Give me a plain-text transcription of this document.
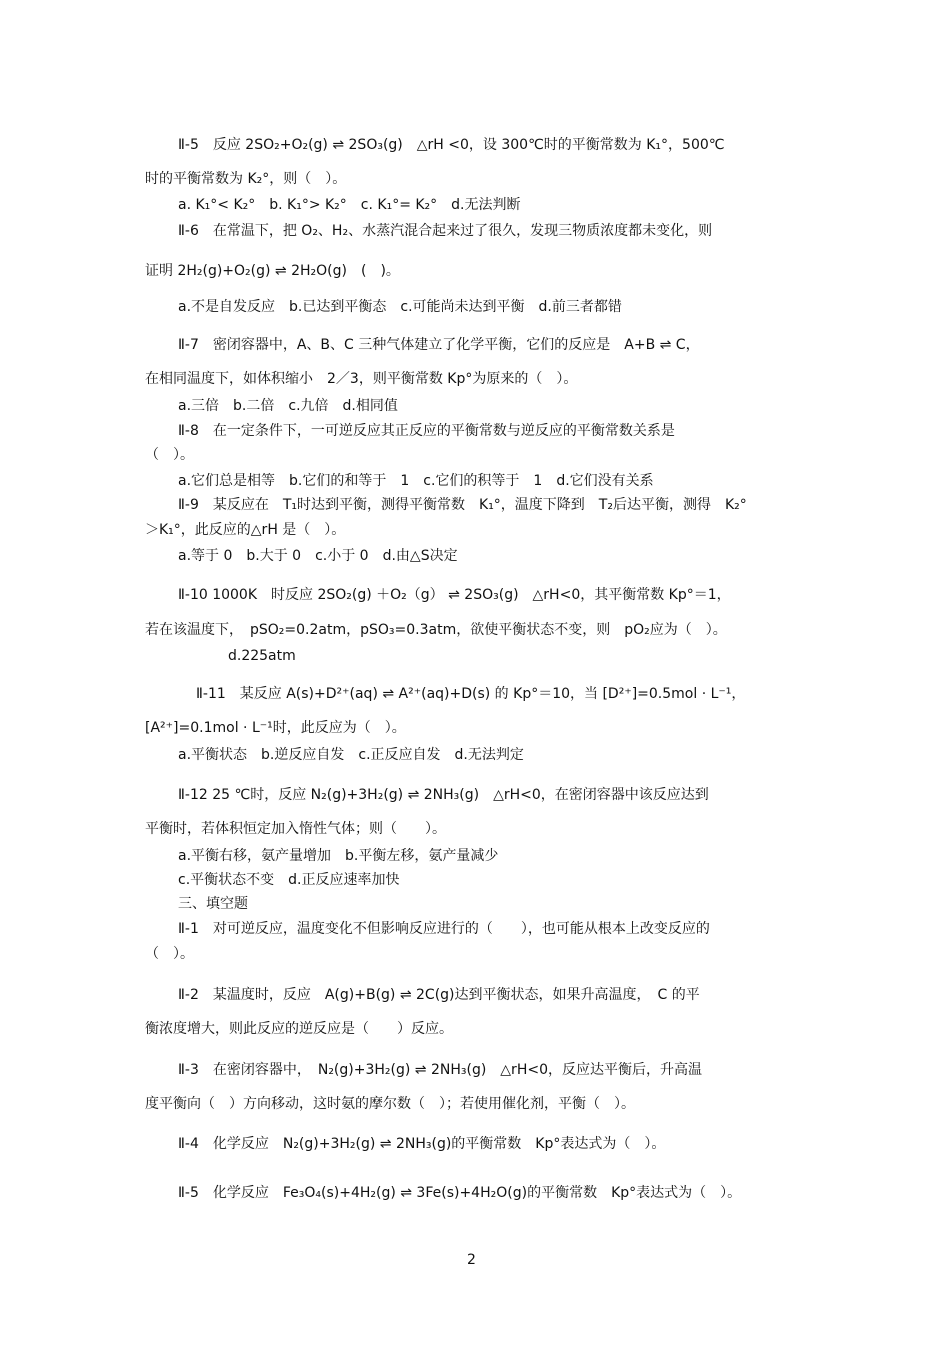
Ⅱ-5　反应 2SO₂+O₂(g) ⇌ 2SO₃(g)　△rH <0，设 300℃时的平衡常数为 K₁°，500℃
时的平衡常数为 K₂°，则（　）。
a. K₁°< K₂°　b. K₁°> K₂°　c. K₁°= K₂°　d.无法判断
Ⅱ-6　在常温下，把 O₂、H₂、水蒸汽混合起来过了很久，发现三物质浓度都未变化，则
证明 2H₂(g)+O₂(g) ⇌ 2H₂O(g)　(　)。
a.不是自发反应　b.已达到平衡态　c.可能尚未达到平衡　d.前三者都错
Ⅱ-7　密闭容器中，A、B、C 三种气体建立了化学平衡，它们的反应是　A+B ⇌ C，
在相同温度下，如体积缩小　2／3，则平衡常数 Kp°为原来的（　）。
a.三倍　b.二倍　c.九倍　d.相同值
Ⅱ-8　在一定条件下，一可逆反应其正反应的平衡常数与逆反应的平衡常数关系是
（　）。
a.它们总是相等　b.它们的和等于　1　c.它们的积等于　1　d.它们没有关系
Ⅱ-9　某反应在　T₁时达到平衡，测得平衡常数　K₁°，温度下降到　T₂后达平衡，测得　K₂°
＞K₁°，此反应的△rH 是（　）。
a.等于 0　b.大于 0　c.小于 0　d.由△S决定
Ⅱ-10 1000K　时反应 2SO₂(g) ＋O₂（g） ⇌ 2SO₃(g)　△rH<0，其平衡常数 Kp°＝1，
若在该温度下，　pSO₂=0.2atm，pSO₃=0.3atm，欲使平衡状态不变，则　pO₂应为（　）。
d.225atm
Ⅱ-11　某反应 A(s)+D²⁺(aq) ⇌ A²⁺(aq)+D(s) 的 Kp°＝10，当 [D²⁺]=0.5mol · L⁻¹，
[A²⁺]=0.1mol · L⁻¹时，此反应为（　）。
a.平衡状态　b.逆反应自发　c.正反应自发　d.无法判定
Ⅱ-12 25 ℃时，反应 N₂(g)+3H₂(g) ⇌ 2NH₃(g)　△rH<0，在密闭容器中该反应达到
平衡时，若体积恒定加入惰性气体；则（　　）。
a.平衡右移，氨产量增加　b.平衡左移，氨产量减少
c.平衡状态不变　d.正反应速率加快
三、填空题
Ⅱ-1　对可逆反应，温度变化不但影响反应进行的（　　），也可能从根本上改变反应的
（　）。
Ⅱ-2　某温度时，反应　A(g)+B(g) ⇌ 2C(g)达到平衡状态，如果升高温度，　C 的平
衡浓度增大，则此反应的逆反应是（　　）反应。
Ⅱ-3　在密闭容器中，　N₂(g)+3H₂(g) ⇌ 2NH₃(g)　△rH<0，反应达平衡后，升高温
度平衡向（　）方向移动，这时氨的摩尔数（　）；若使用催化剂，平衡（　）。
Ⅱ-4　化学反应　N₂(g)+3H₂(g) ⇌ 2NH₃(g)的平衡常数　Kp°表达式为（　）。
Ⅱ-5　化学反应　Fe₃O₄(s)+4H₂(g) ⇌ 3Fe(s)+4H₂O(g)的平衡常数　Kp°表达式为（　）。
2
